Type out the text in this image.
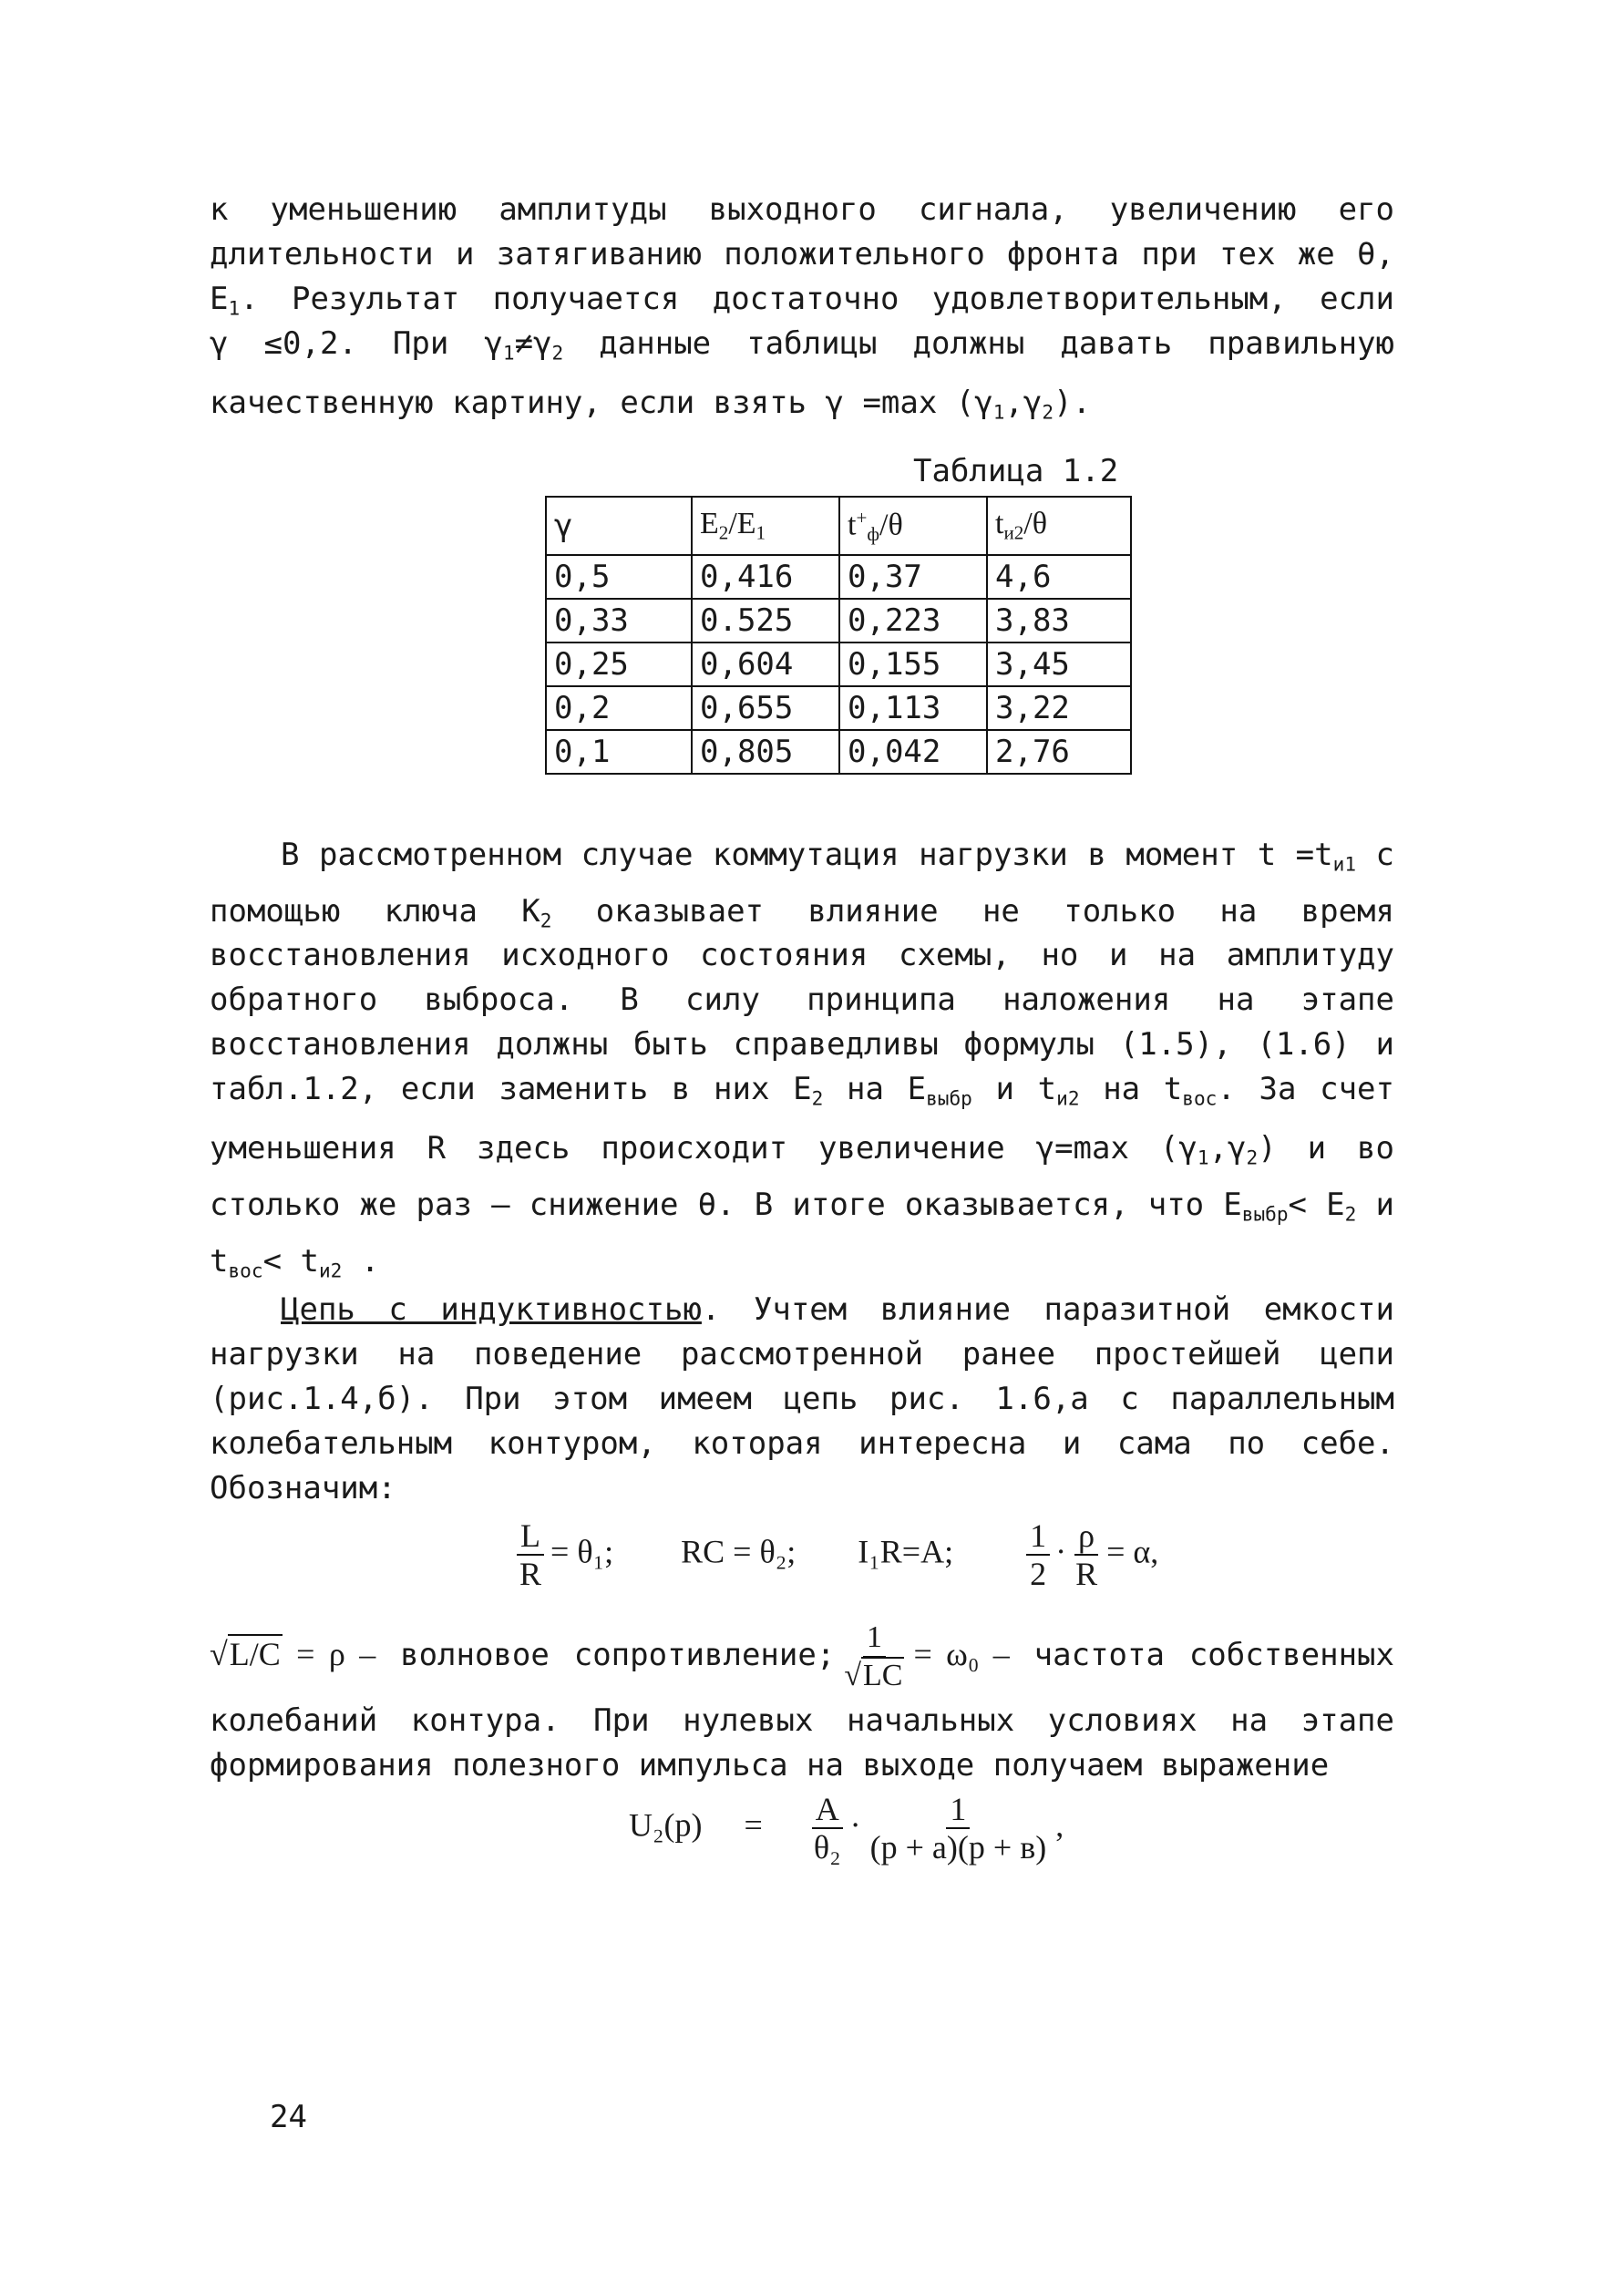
к уменьшению амплитуды выходного сигнала, увеличению его
длительности и затягиванию положительного фронта при тех же θ,
$E_1$. Результат получается достаточно удовлетворительным, если
γ ≤0,2. При $\gamma_1\ne\gamma_2$ данные таблицы должны давать правильную
качественную картину, если взять γ =max $(\gamma_1,\gamma_2)$.
Таблица 1.2
γ	$E_2/E_1$	$t^+_ф/\theta$	$t_{и2}/\theta$
0,5	0,416	0,37	4,6
0,33	0.525	0,223	3,83
0,25	0,604	0,155	3,45
0,2	0,655	0,113	3,22
0,1	0,805	0,042	2,76
В рассмотренном случае коммутация нагрузки в момент $t =t_{и1}$ с
помощью ключа $K_2$ оказывает влияние не только на время
восстановления исходного состояния схемы, но и на амплитуду
обратного выброса. В силу принципа наложения на этапе
восстановления должны быть справедливы формулы (1.5), (1.6) и
табл.1.2, если заменить в них $E_2$ на $E_{выбр}$ и $t_{и2}$ на $t_{вос}$. За счет
уменьшения R здесь происходит увеличение γ=max $(\gamma_1,\gamma_2)$ и во
столько же раз – снижение θ. В итоге оказывается, что $E_{выбр}< E_2$ и
$t_{вос}< t_{и2}$ .
Цепь с индуктивностью. Учтем влияние паразитной емкости
нагрузки на поведение рассмотренной ранее простейшей цепи
(рис.1.4,б). При этом имеем цепь рис. 1.6,а с параллельным
колебательным контуром, которая интересна и сама по себе.
Обозначим:
$\frac{L}{R} = \theta_1$; RC = θ₂; I₁R=A; $\frac{1}{2} \cdot \frac{\rho}{R} = \alpha$,
√L/C = ρ – волновое сопротивление; $\frac{1}{√LC} = \omega_0$ – частота собственных
колебаний контура. При нулевых начальных условиях на этапе
формирования полезного импульса на выходе получаем выражение
$U_2(p) = \frac{A}{\text{θ₂}} \cdot \frac{1}{(p + a)(p + в)}$ ,
24
